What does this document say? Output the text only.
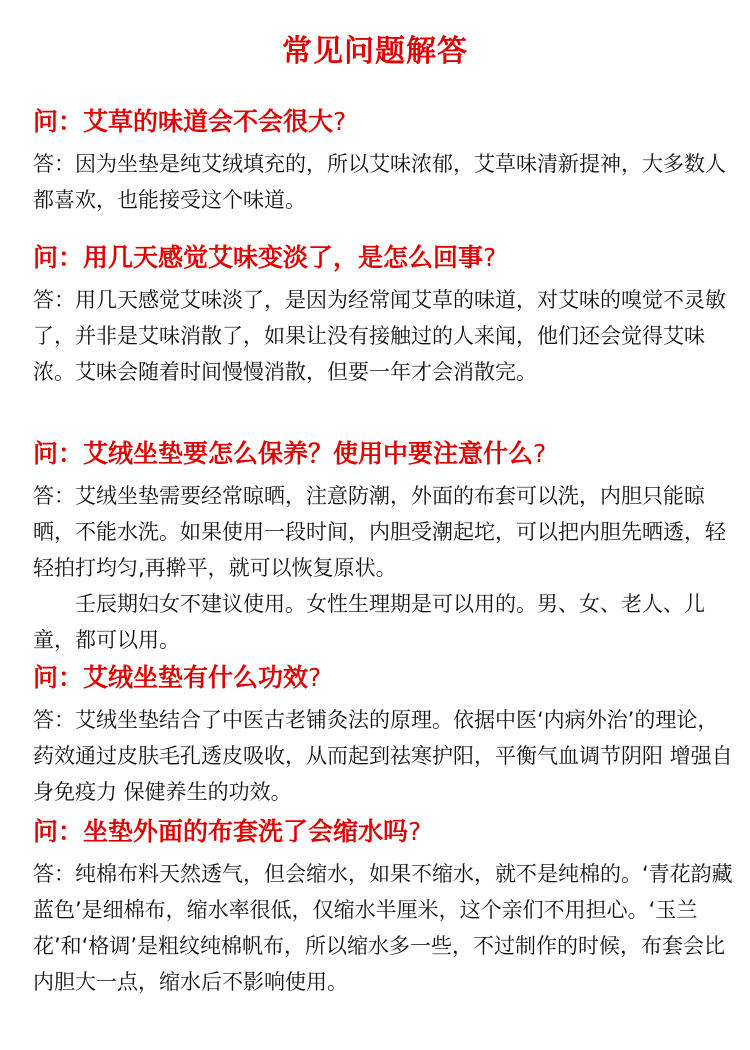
常见问题解答
问：艾草的味道会不会很大?

答：因为坐垫是纯艾绒填充的，所以艾味浓郁，艾草味清新提神，大多数人都喜欢，也能接受这个味道。

问：用几天感觉艾味变淡了，是怎么回事?

答：用几天感觉艾味淡了，是因为经常闻艾草的味道，对艾味的嗅觉不灵敏了，并非是艾味消散了，如果让没有接触过的人来闻，他们还会觉得艾味浓。艾味会随着时间慢慢消散，但要一年才会消散完。

问：艾绒坐垫要怎么保养？使用中要注意什么?

答：艾绒坐垫需要经常晾晒，注意防潮，外面的布套可以洗，内胆只能晾晒，不能水洗。如果使用一段时间，内胆受潮起坨，可以把内胆先晒透，轻轻拍打均匀,再擀平，就可以恢复原状。

壬辰期妇女不建议使用。女性生理期是可以用的。男、女、老人、儿童，都可以用。

问：艾绒坐垫有什么功效?

答：艾绒坐垫结合了中医古老铺灸法的原理。依据中医‘内病外治’的理论，　药效通过皮肤毛孔透皮吸收，从而起到祛寒护阳，平衡气血调节阴阳 增强自身免疫力 保健养生的功效。

问：坐垫外面的布套洗了会缩水吗?

答：纯棉布料天然透气，但会缩水，如果不缩水，就不是纯棉的。‘青花韵藏蓝色’是细棉布，缩水率很低，仅缩水半厘米，这个亲们不用担心。‘玉兰花’和‘格调’是粗纹纯棉帆布，所以缩水多一些，不过制作的时候，布套会比内胆大一点，缩水后不影响使用。
